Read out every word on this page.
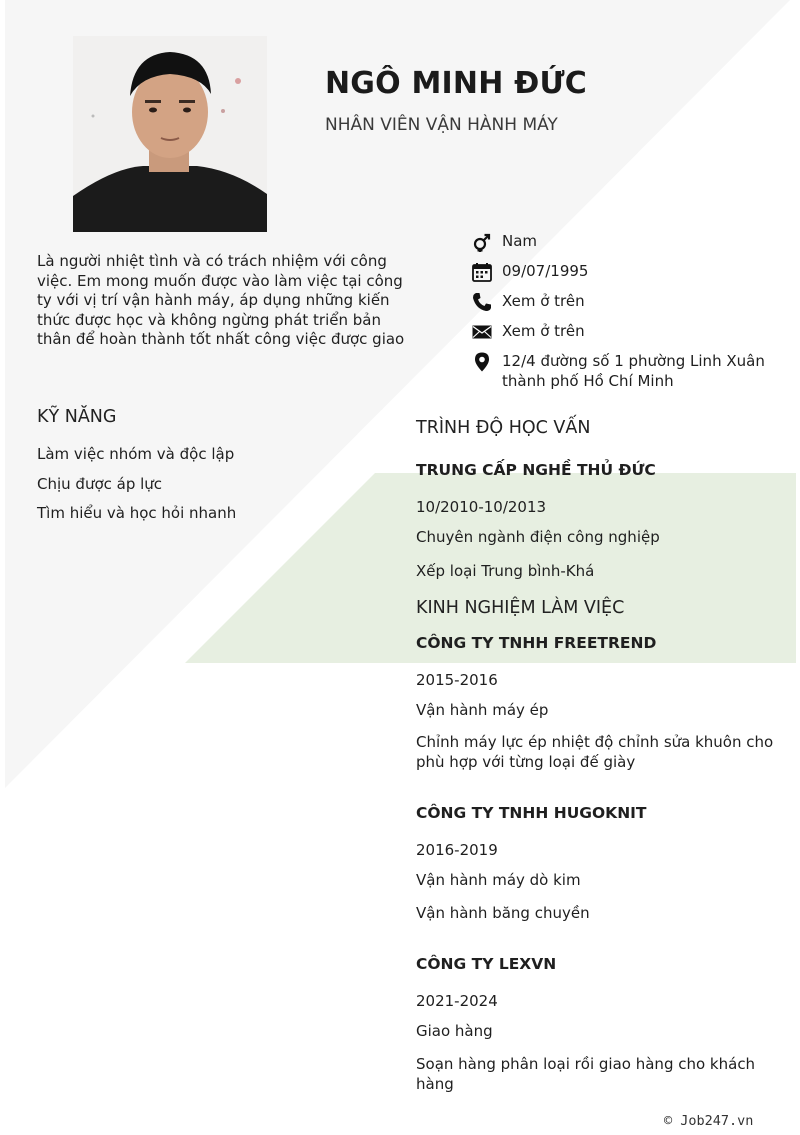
NGÔ MINH ĐỨC
NHÂN VIÊN VẬN HÀNH MÁY
Là người nhiệt tình và có trách nhiệm với công việc. Em mong muốn được vào làm việc tại công ty với vị trí vận hành máy, áp dụng những kiến thức được học và không ngừng phát triển bản thân để hoàn thành tốt nhất công việc được giao
Nam
09/07/1995
Xem ở trên
Xem ở trên
12/4 đường số 1 phường Linh Xuân thành phố Hồ Chí Minh
KỸ NĂNG
Làm việc nhóm và độc lập
Chịu được áp lực
Tìm hiểu và học hỏi nhanh
TRÌNH ĐỘ HỌC VẤN
TRUNG CẤP NGHỀ THỦ ĐỨC
10/2010-10/2013
Chuyên ngành điện công nghiệp
Xếp loại Trung bình-Khá
KINH NGHIỆM LÀM VIỆC
CÔNG TY TNHH FREETREND
2015-2016
Vận hành máy ép
Chỉnh máy lực ép nhiệt độ chỉnh sửa khuôn cho phù hợp với từng loại đế giày
CÔNG TY TNHH HUGOKNIT
2016-2019
Vận hành máy dò kim
Vận hành băng chuyền
CÔNG TY LEXVN
2021-2024
Giao hàng
Soạn hàng phân loại rồi giao hàng cho khách hàng
© Job247.vn
